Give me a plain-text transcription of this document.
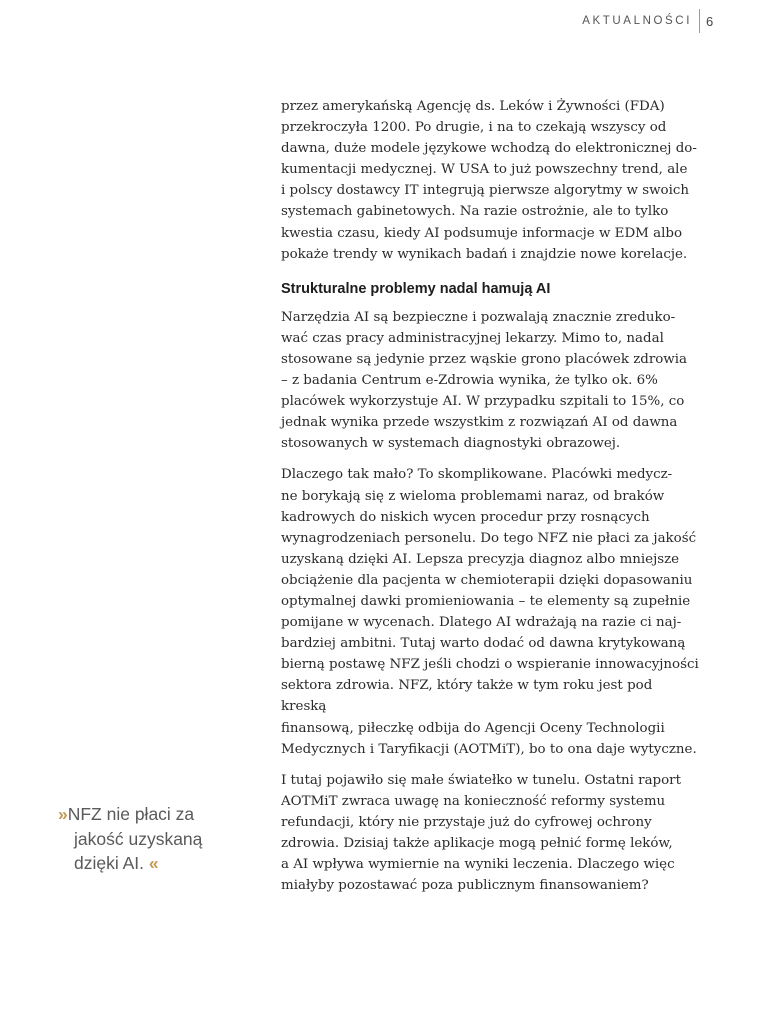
AKTUALNOŚCI	6

przez amerykańską Agencję ds. Leków i Żywności (FDA)
przekroczyła 1200. Po drugie, i na to czekają wszyscy od
dawna, duże modele językowe wchodzą do elektronicznej do-
kumentacji medycznej. W USA to już powszechny trend, ale
i polscy dostawcy IT integrują pierwsze algorytmy w swoich
systemach gabinetowych. Na razie ostrożnie, ale to tylko
kwestia czasu, kiedy AI podsumuje informacje w EDM albo
pokaże trendy w wynikach badań i znajdzie nowe korelacje.

Strukturalne problemy nadal hamują AI

Narzędzia AI są bezpieczne i pozwalają znacznie zreduko-
wać czas pracy administracyjnej lekarzy. Mimo to, nadal
stosowane są jedynie przez wąskie grono placówek zdrowia
– z badania Centrum e-Zdrowia wynika, że tylko ok. 6%
placówek wykorzystuje AI. W przypadku szpitali to 15%, co
jednak wynika przede wszystkim z rozwiązań AI od dawna
stosowanych w systemach diagnostyki obrazowej.

Dlaczego tak mało? To skomplikowane. Placówki medycz-
ne borykają się z wieloma problemami naraz, od braków
kadrowych do niskich wycen procedur przy rosnących
wynagrodzeniach personelu. Do tego NFZ nie płaci za jakość
uzyskaną dzięki AI. Lepsza precyzja diagnoz albo mniejsze
obciążenie dla pacjenta w chemioterapii dzięki dopasowaniu
optymalnej dawki promieniowania – te elementy są zupełnie
pomijane w wycenach. Dlatego AI wdrażają na razie ci naj-
bardziej ambitni. Tutaj warto dodać od dawna krytykowaną
bierną postawę NFZ jeśli chodzi o wspieranie innowacyjności
sektora zdrowia. NFZ, który także w tym roku jest pod kreską
finansową, piłeczkę odbija do Agencji Oceny Technologii
Medycznych i Taryfikacji (AOTMiT), bo to ona daje wytyczne.

I tutaj pojawiło się małe światełko w tunelu. Ostatni raport
AOTMiT zwraca uwagę na konieczność reformy systemu
refundacji, który nie przystaje już do cyfrowej ochrony
zdrowia. Dzisiaj także aplikacje mogą pełnić formę leków,
a AI wpływa wymiernie na wyniki leczenia. Dlaczego więc
miałyby pozostawać poza publicznym finansowaniem?

»NFZ nie płaci za
jakość uzyskaną
dzięki AI. «
